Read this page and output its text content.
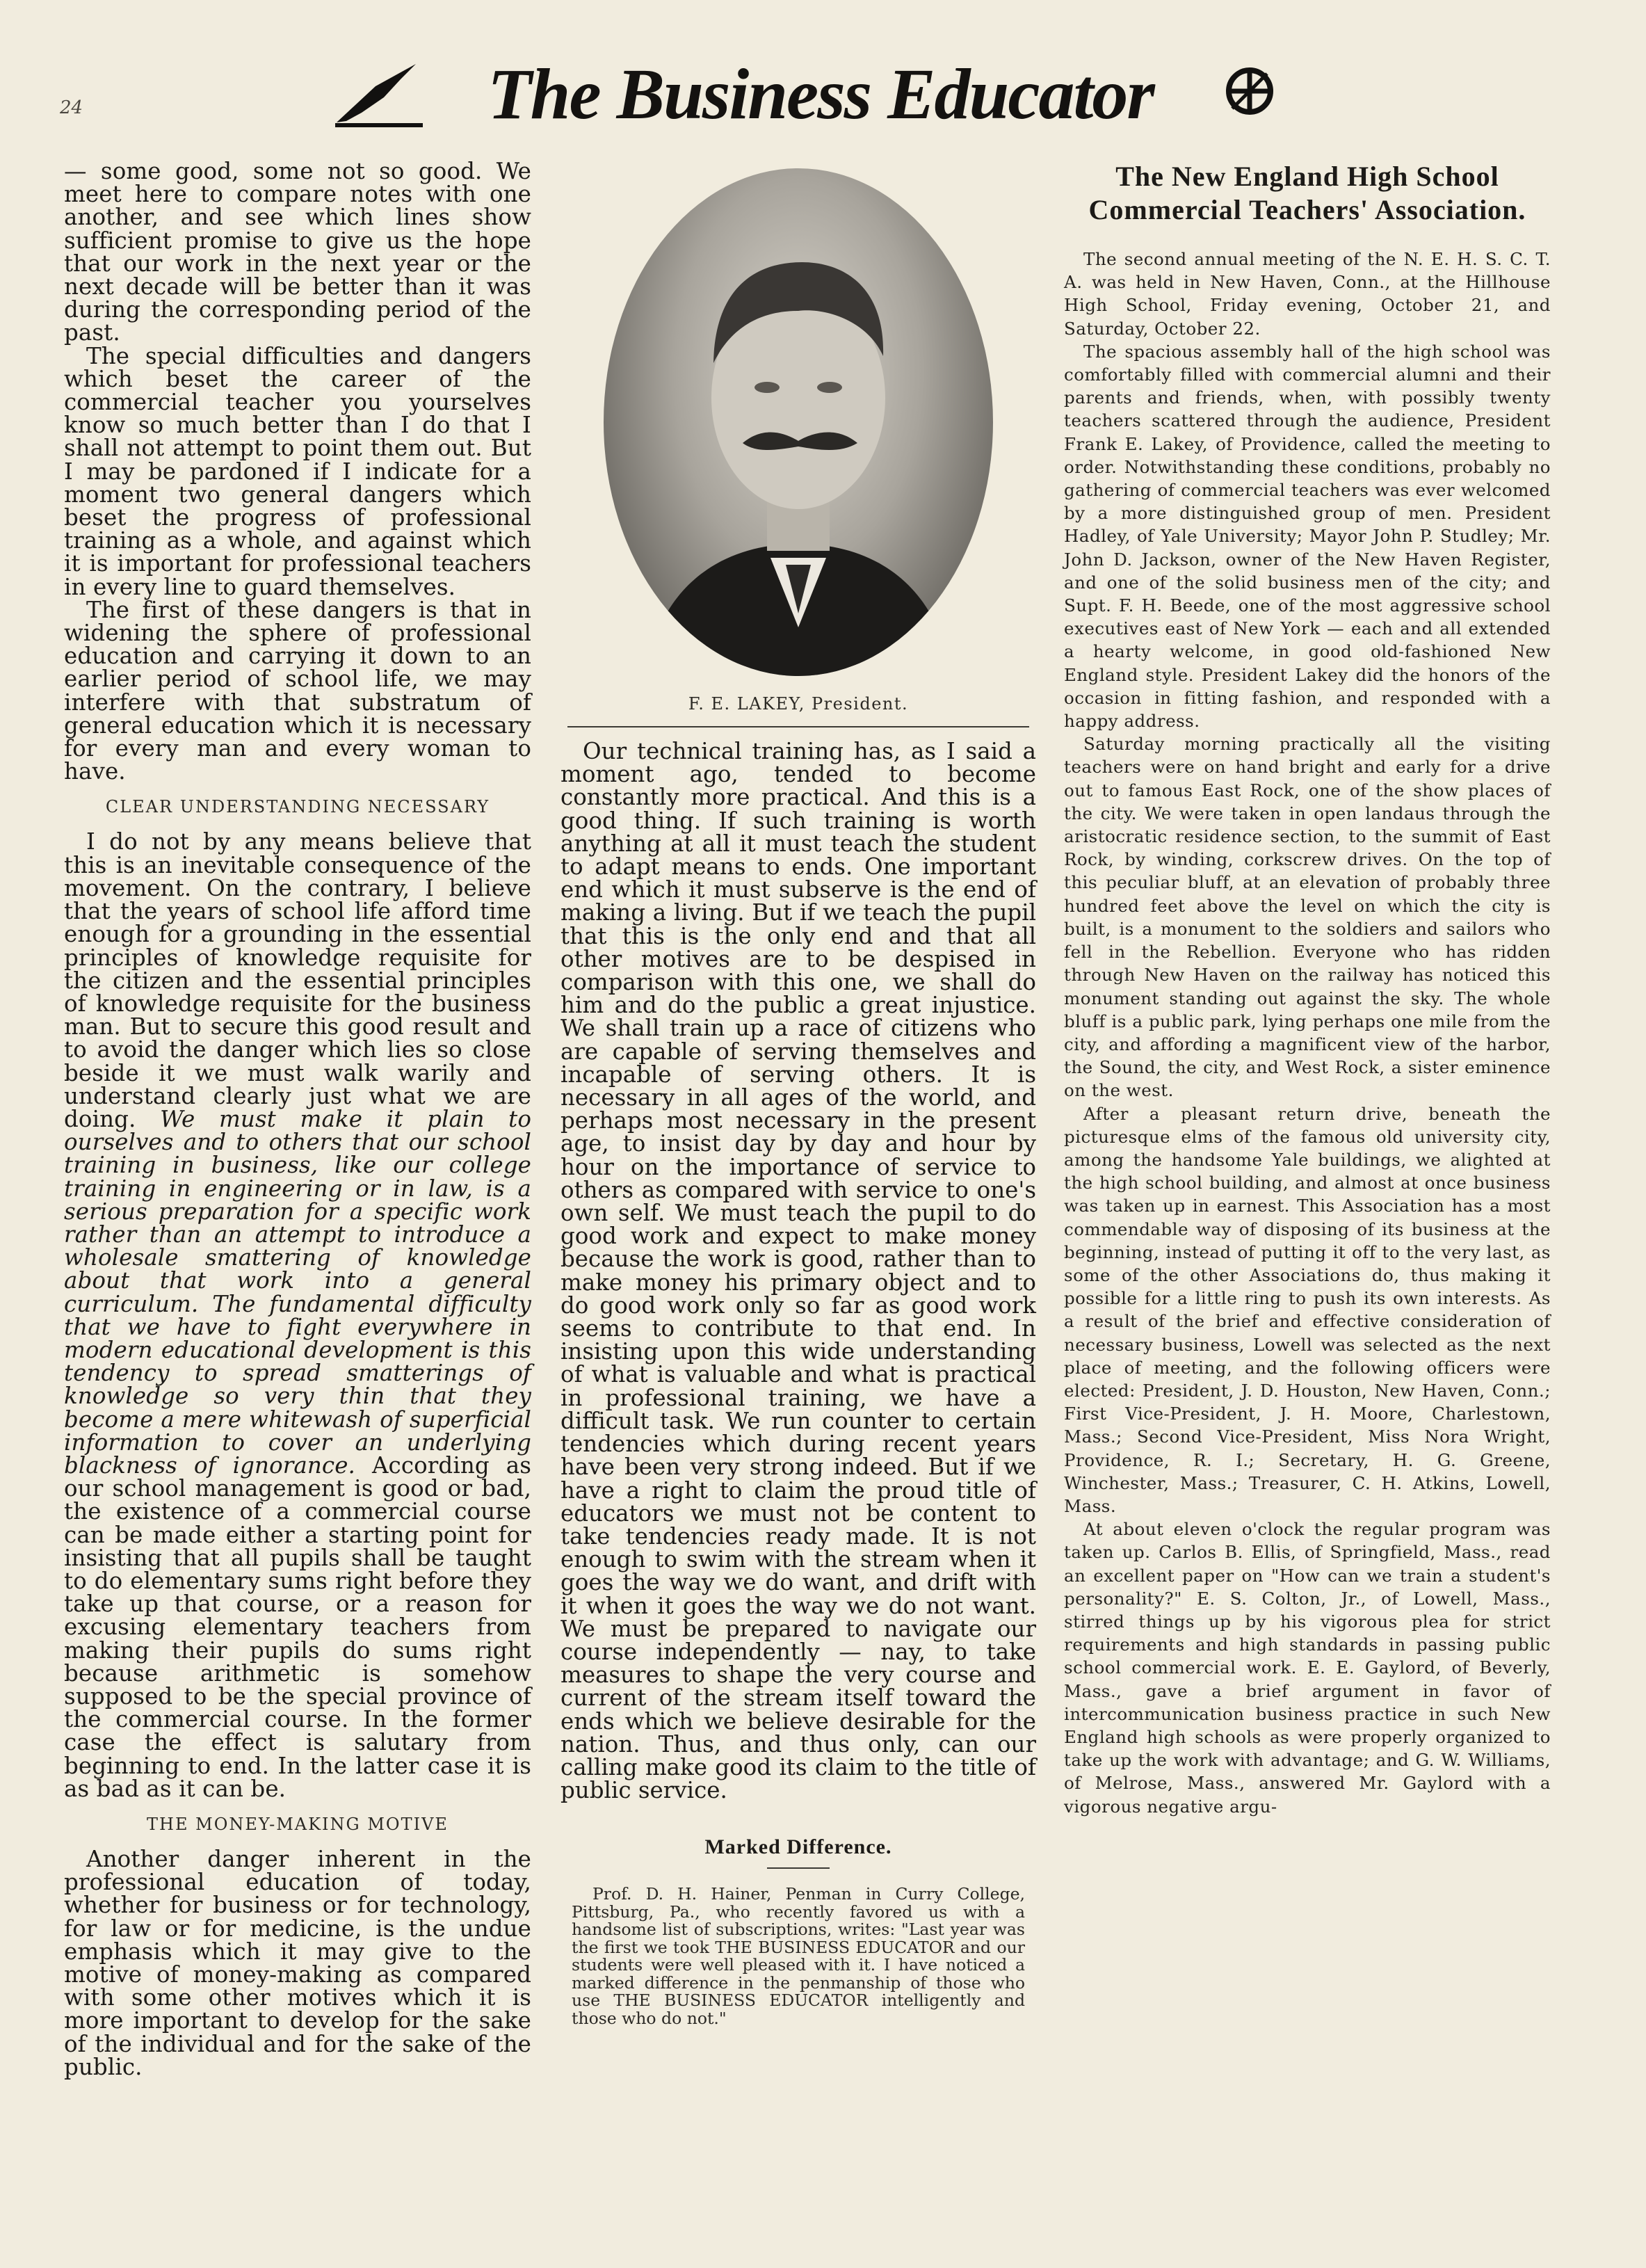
24	The Business Educator

— some good, some not so good. We meet here to compare notes with one another, and see which lines show sufficient promise to give us the hope that our work in the next year or the next decade will be better than it was during the corresponding period of the past.

The special difficulties and dangers which beset the career of the commercial teacher you yourselves know so much better than I do that I shall not attempt to point them out. But I may be pardoned if I indicate for a moment two general dangers which beset the progress of professional training as a whole, and against which it is important for professional teachers in every line to guard themselves.

The first of these dangers is that in widening the sphere of professional education and carrying it down to an earlier period of school life, we may interfere with that substratum of general education which it is necessary for every man and every woman to have.

CLEAR UNDERSTANDING NECESSARY

I do not by any means believe that this is an inevitable consequence of the movement. On the contrary, I believe that the years of school life afford time enough for a grounding in the essential principles of knowledge requisite for the citizen and the essential principles of knowledge requisite for the business man. But to secure this good result and to avoid the danger which lies so close beside it we must walk warily and understand clearly just what we are doing. We must make it plain to ourselves and to others that our school training in business, like our college training in engineering or in law, is a serious preparation for a specific work rather than an attempt to introduce a wholesale smattering of knowledge about that work into a general curriculum. The fundamental difficulty that we have to fight everywhere in modern educational development is this tendency to spread smatterings of knowledge so very thin that they become a mere whitewash of superficial information to cover an underlying blackness of ignorance. According as our school management is good or bad, the existence of a commercial course can be made either a starting point for insisting that all pupils shall be taught to do elementary sums right before they take up that course, or a reason for excusing elementary teachers from making their pupils do sums right because arithmetic is somehow supposed to be the special province of the commercial course. In the former case the effect is salutary from beginning to end. In the latter case it is as bad as it can be.

THE MONEY-MAKING MOTIVE

Another danger inherent in the professional education of today, whether for business or for technology, for law or for medicine, is the undue emphasis which it may give to the motive of money-making as compared with some other motives which it is more important to develop for the sake of the individual and for the sake of the public.

F. E. LAKEY, President.

Our technical training has, as I said a moment ago, tended to become constantly more practical. And this is a good thing. If such training is worth anything at all it must teach the student to adapt means to ends. One important end which it must subserve is the end of making a living. But if we teach the pupil that this is the only end and that all other motives are to be despised in comparison with this one, we shall do him and do the public a great injustice. We shall train up a race of citizens who are capable of serving themselves and incapable of serving others. It is necessary in all ages of the world, and perhaps most necessary in the present age, to insist day by day and hour by hour on the importance of service to others as compared with service to one's own self. We must teach the pupil to do good work and expect to make money because the work is good, rather than to make money his primary object and to do good work only so far as good work seems to contribute to that end. In insisting upon this wide understanding of what is valuable and what is practical in professional training, we have a difficult task. We run counter to certain tendencies which during recent years have been very strong indeed. But if we have a right to claim the proud title of educators we must not be content to take tendencies ready made. It is not enough to swim with the stream when it goes the way we do want, and drift with it when it goes the way we do not want. We must be prepared to navigate our course independently — nay, to take measures to shape the very course and current of the stream itself toward the ends which we believe desirable for the nation. Thus, and thus only, can our calling make good its claim to the title of public service.

Marked Difference.

Prof. D. H. Hainer, Penman in Curry College, Pittsburg, Pa., who recently favored us with a handsome list of subscriptions, writes: "Last year was the first we took THE BUSINESS EDUCATOR and our students were well pleased with it. I have noticed a marked difference in the penmanship of those who use THE BUSINESS EDUCATOR intelligently and those who do not."

The New England High School Commercial Teachers' Association.

The second annual meeting of the N. E. H. S. C. T. A. was held in New Haven, Conn., at the Hillhouse High School, Friday evening, October 21, and Saturday, October 22.

The spacious assembly hall of the high school was comfortably filled with commercial alumni and their parents and friends, when, with possibly twenty teachers scattered through the audience, President Frank E. Lakey, of Providence, called the meeting to order. Notwithstanding these conditions, probably no gathering of commercial teachers was ever welcomed by a more distinguished group of men. President Hadley, of Yale University; Mayor John P. Studley; Mr. John D. Jackson, owner of the New Haven Register, and one of the solid business men of the city; and Supt. F. H. Beede, one of the most aggressive school executives east of New York — each and all extended a hearty welcome, in good old-fashioned New England style. President Lakey did the honors of the occasion in fitting fashion, and responded with a happy address.

Saturday morning practically all the visiting teachers were on hand bright and early for a drive out to famous East Rock, one of the show places of the city. We were taken in open landaus through the aristocratic residence section, to the summit of East Rock, by winding, corkscrew drives. On the top of this peculiar bluff, at an elevation of probably three hundred feet above the level on which the city is built, is a monument to the soldiers and sailors who fell in the Rebellion. Everyone who has ridden through New Haven on the railway has noticed this monument standing out against the sky. The whole bluff is a public park, lying perhaps one mile from the city, and affording a magnificent view of the harbor, the Sound, the city, and West Rock, a sister eminence on the west.

After a pleasant return drive, beneath the picturesque elms of the famous old university city, among the handsome Yale buildings, we alighted at the high school building, and almost at once business was taken up in earnest. This Association has a most commendable way of disposing of its business at the beginning, instead of putting it off to the very last, as some of the other Associations do, thus making it possible for a little ring to push its own interests. As a result of the brief and effective consideration of necessary business, Lowell was selected as the next place of meeting, and the following officers were elected: President, J. D. Houston, New Haven, Conn.; First Vice-President, J. H. Moore, Charlestown, Mass.; Second Vice-President, Miss Nora Wright, Providence, R. I.; Secretary, H. G. Greene, Winchester, Mass.; Treasurer, C. H. Atkins, Lowell, Mass.

At about eleven o'clock the regular program was taken up. Carlos B. Ellis, of Springfield, Mass., read an excellent paper on "How can we train a student's personality?" E. S. Colton, Jr., of Lowell, Mass., stirred things up by his vigorous plea for strict requirements and high standards in passing public school commercial work. E. E. Gaylord, of Beverly, Mass., gave a brief argument in favor of intercommunication business practice in such New England high schools as were properly organized to take up the work with advantage; and G. W. Williams, of Melrose, Mass., answered Mr. Gaylord with a vigorous negative argu-
